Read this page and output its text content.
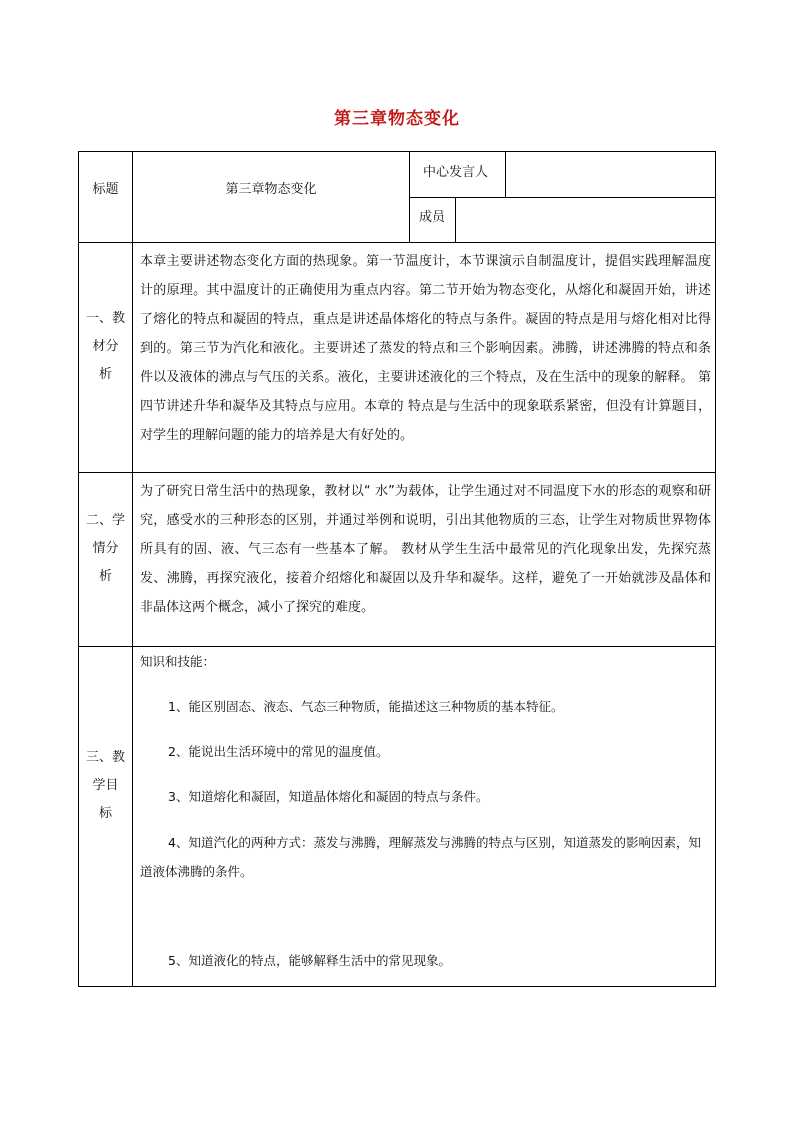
第三章物态变化
标题	第三章物态变化
中心发言人
成员
一、教
材分
析
本章主要讲述物态变化方面的热现象。第一节温度计，本节课演示自制温度计，提倡实践理解温度计的原理。其中温度计的正确使用为重点内容。第二节开始为物态变化，从熔化和凝固开始，讲述了熔化的特点和凝固的特点，重点是讲述晶体熔化的特点与条件。凝固的特点是用与熔化相对比得到的。第三节为汽化和液化。主要讲述了蒸发的特点和三个影响因素。沸腾，讲述沸腾的特点和条件以及液体的沸点与气压的关系。液化，主要讲述液化的三个特点，及在生活中的现象的解释。 第四节讲述升华和凝华及其特点与应用。本章的 特点是与生活中的现象联系紧密，但没有计算题目，对学生的理解问题的能力的培养是大有好处的。
二、学
情分
析
为了研究日常生活中的热现象，教材以“ 水”为载体，让学生通过对不同温度下水的形态的观察和研究，感受水的三种形态的区别，并通过举例和说明，引出其他物质的三态，让学生对物质世界物体所具有的固、液、气三态有一些基本了解。 教材从学生生活中最常见的汽化现象出发，先探究蒸发、沸腾，再探究液化，接着介绍熔化和凝固以及升华和凝华。这样，避免了一开始就涉及晶体和非晶体这两个概念，减小了探究的难度。
三、教
学目
标

知识和技能：

1、能区别固态、液态、气态三种物质，能描述这三种物质的基本特征。

2、能说出生活环境中的常见的温度值。

3、知道熔化和凝固，知道晶体熔化和凝固的特点与条件。

4、知道汽化的两种方式：蒸发与沸腾，理解蒸发与沸腾的特点与区别，知道蒸发的影响因素，知道液体沸腾的条件。

5、知道液化的特点，能够解释生活中的常见现象。
